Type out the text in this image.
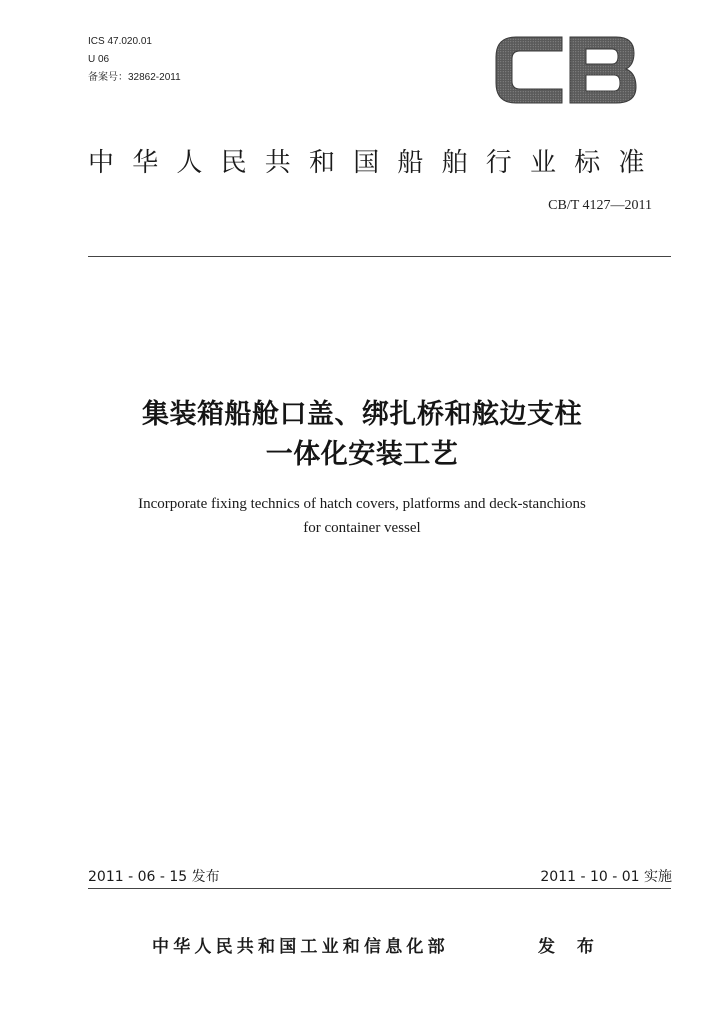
ICS 47.020.01
U 06
备案号：32862-2011
中华人民共和国船舶行业标准
CB/T 4127—2011
集装箱船舱口盖、绑扎桥和舷边支柱
一体化安装工艺
Incorporate fixing technics of hatch covers, platforms and deck-stanchions
for container vessel
2011 - 06 - 15 发布	2011 - 10 - 01 实施
中华人民共和国工业和信息化部	发 布
